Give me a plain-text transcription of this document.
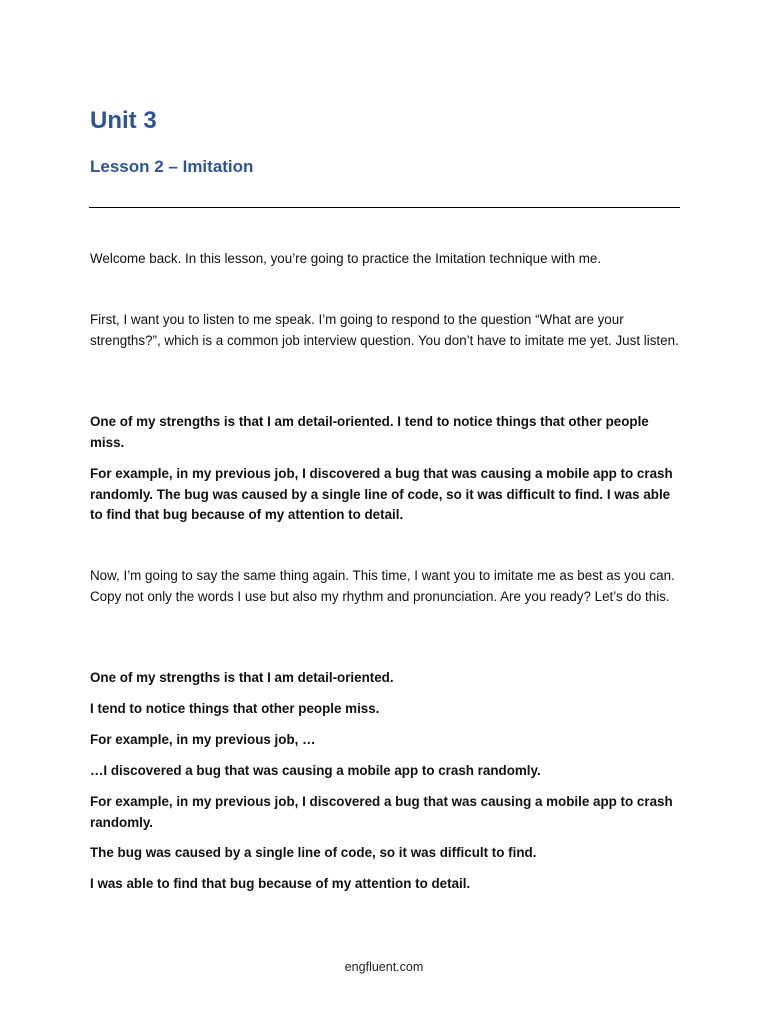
Unit 3
Lesson 2 – Imitation

Welcome back. In this lesson, you’re going to practice the Imitation technique with me.

First, I want you to listen to me speak. I’m going to respond to the question “What are your strengths?”, which is a common job interview question. You don’t have to imitate me yet. Just listen.

One of my strengths is that I am detail-oriented. I tend to notice things that other people miss.

For example, in my previous job, I discovered a bug that was causing a mobile app to crash randomly. The bug was caused by a single line of code, so it was difficult to find. I was able to find that bug because of my attention to detail.

Now, I’m going to say the same thing again. This time, I want you to imitate me as best as you can. Copy not only the words I use but also my rhythm and pronunciation. Are you ready? Let’s do this.

One of my strengths is that I am detail-oriented.

I tend to notice things that other people miss.

For example, in my previous job, …

…I discovered a bug that was causing a mobile app to crash randomly.

For example, in my previous job, I discovered a bug that was causing a mobile app to crash randomly.

The bug was caused by a single line of code, so it was difficult to find.

I was able to find that bug because of my attention to detail.

engfluent.com
